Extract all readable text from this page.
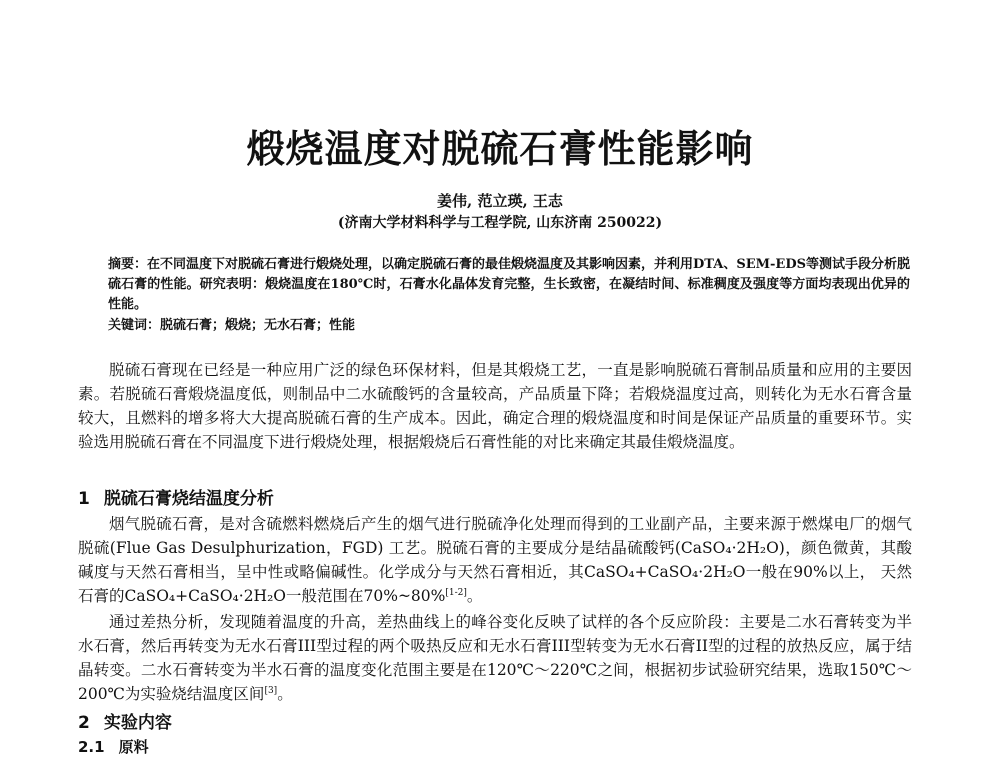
煅烧温度对脱硫石膏性能影响

姜伟, 范立瑛, 王志

(济南大学材料科学与工程学院, 山东济南 250022)

摘要：在不同温度下对脱硫石膏进行煅烧处理，以确定脱硫石膏的最佳煅烧温度及其影响因素，并利用DTA、SEM-EDS等测试手段分析脱硫石膏的性能。研究表明：煅烧温度在180℃时，石膏水化晶体发育完整，生长致密，在凝结时间、标准稠度及强度等方面均表现出优异的性能。

关键词：脱硫石膏；煅烧；无水石膏；性能

脱硫石膏现在已经是一种应用广泛的绿色环保材料，但是其煅烧工艺，一直是影响脱硫石膏制品质量和应用的主要因素。若脱硫石膏煅烧温度低，则制品中二水硫酸钙的含量较高，产品质量下降；若煅烧温度过高，则转化为无水石膏含量较大，且燃料的增多将大大提高脱硫石膏的生产成本。因此，确定合理的煅烧温度和时间是保证产品质量的重要环节。实验选用脱硫石膏在不同温度下进行煅烧处理，根据煅烧后石膏性能的对比来确定其最佳煅烧温度。

1 脱硫石膏烧结温度分析

烟气脱硫石膏，是对含硫燃料燃烧后产生的烟气进行脱硫净化处理而得到的工业副产品，主要来源于燃煤电厂的烟气脱硫(Flue Gas Desulphurization，FGD) 工艺。脱硫石膏的主要成分是结晶硫酸钙(CaSO₄·2H₂O)，颜色微黄，其酸碱度与天然石膏相当，呈中性或略偏碱性。化学成分与天然石膏相近，其CaSO₄+CaSO₄·2H₂O一般在90%以上， 天然石膏的CaSO₄+CaSO₄·2H₂O一般范围在70%~80%[1-2]。

通过差热分析，发现随着温度的升高，差热曲线上的峰谷变化反映了试样的各个反应阶段：主要是二水石膏转变为半水石膏，然后再转变为无水石膏III型过程的两个吸热反应和无水石膏III型转变为无水石膏II型的过程的放热反应，属于结晶转变。二水石膏转变为半水石膏的温度变化范围主要是在120℃～220℃之间，根据初步试验研究结果，选取150℃～200℃为实验烧结温度区间[3]。

2 实验内容
2.1 原料
